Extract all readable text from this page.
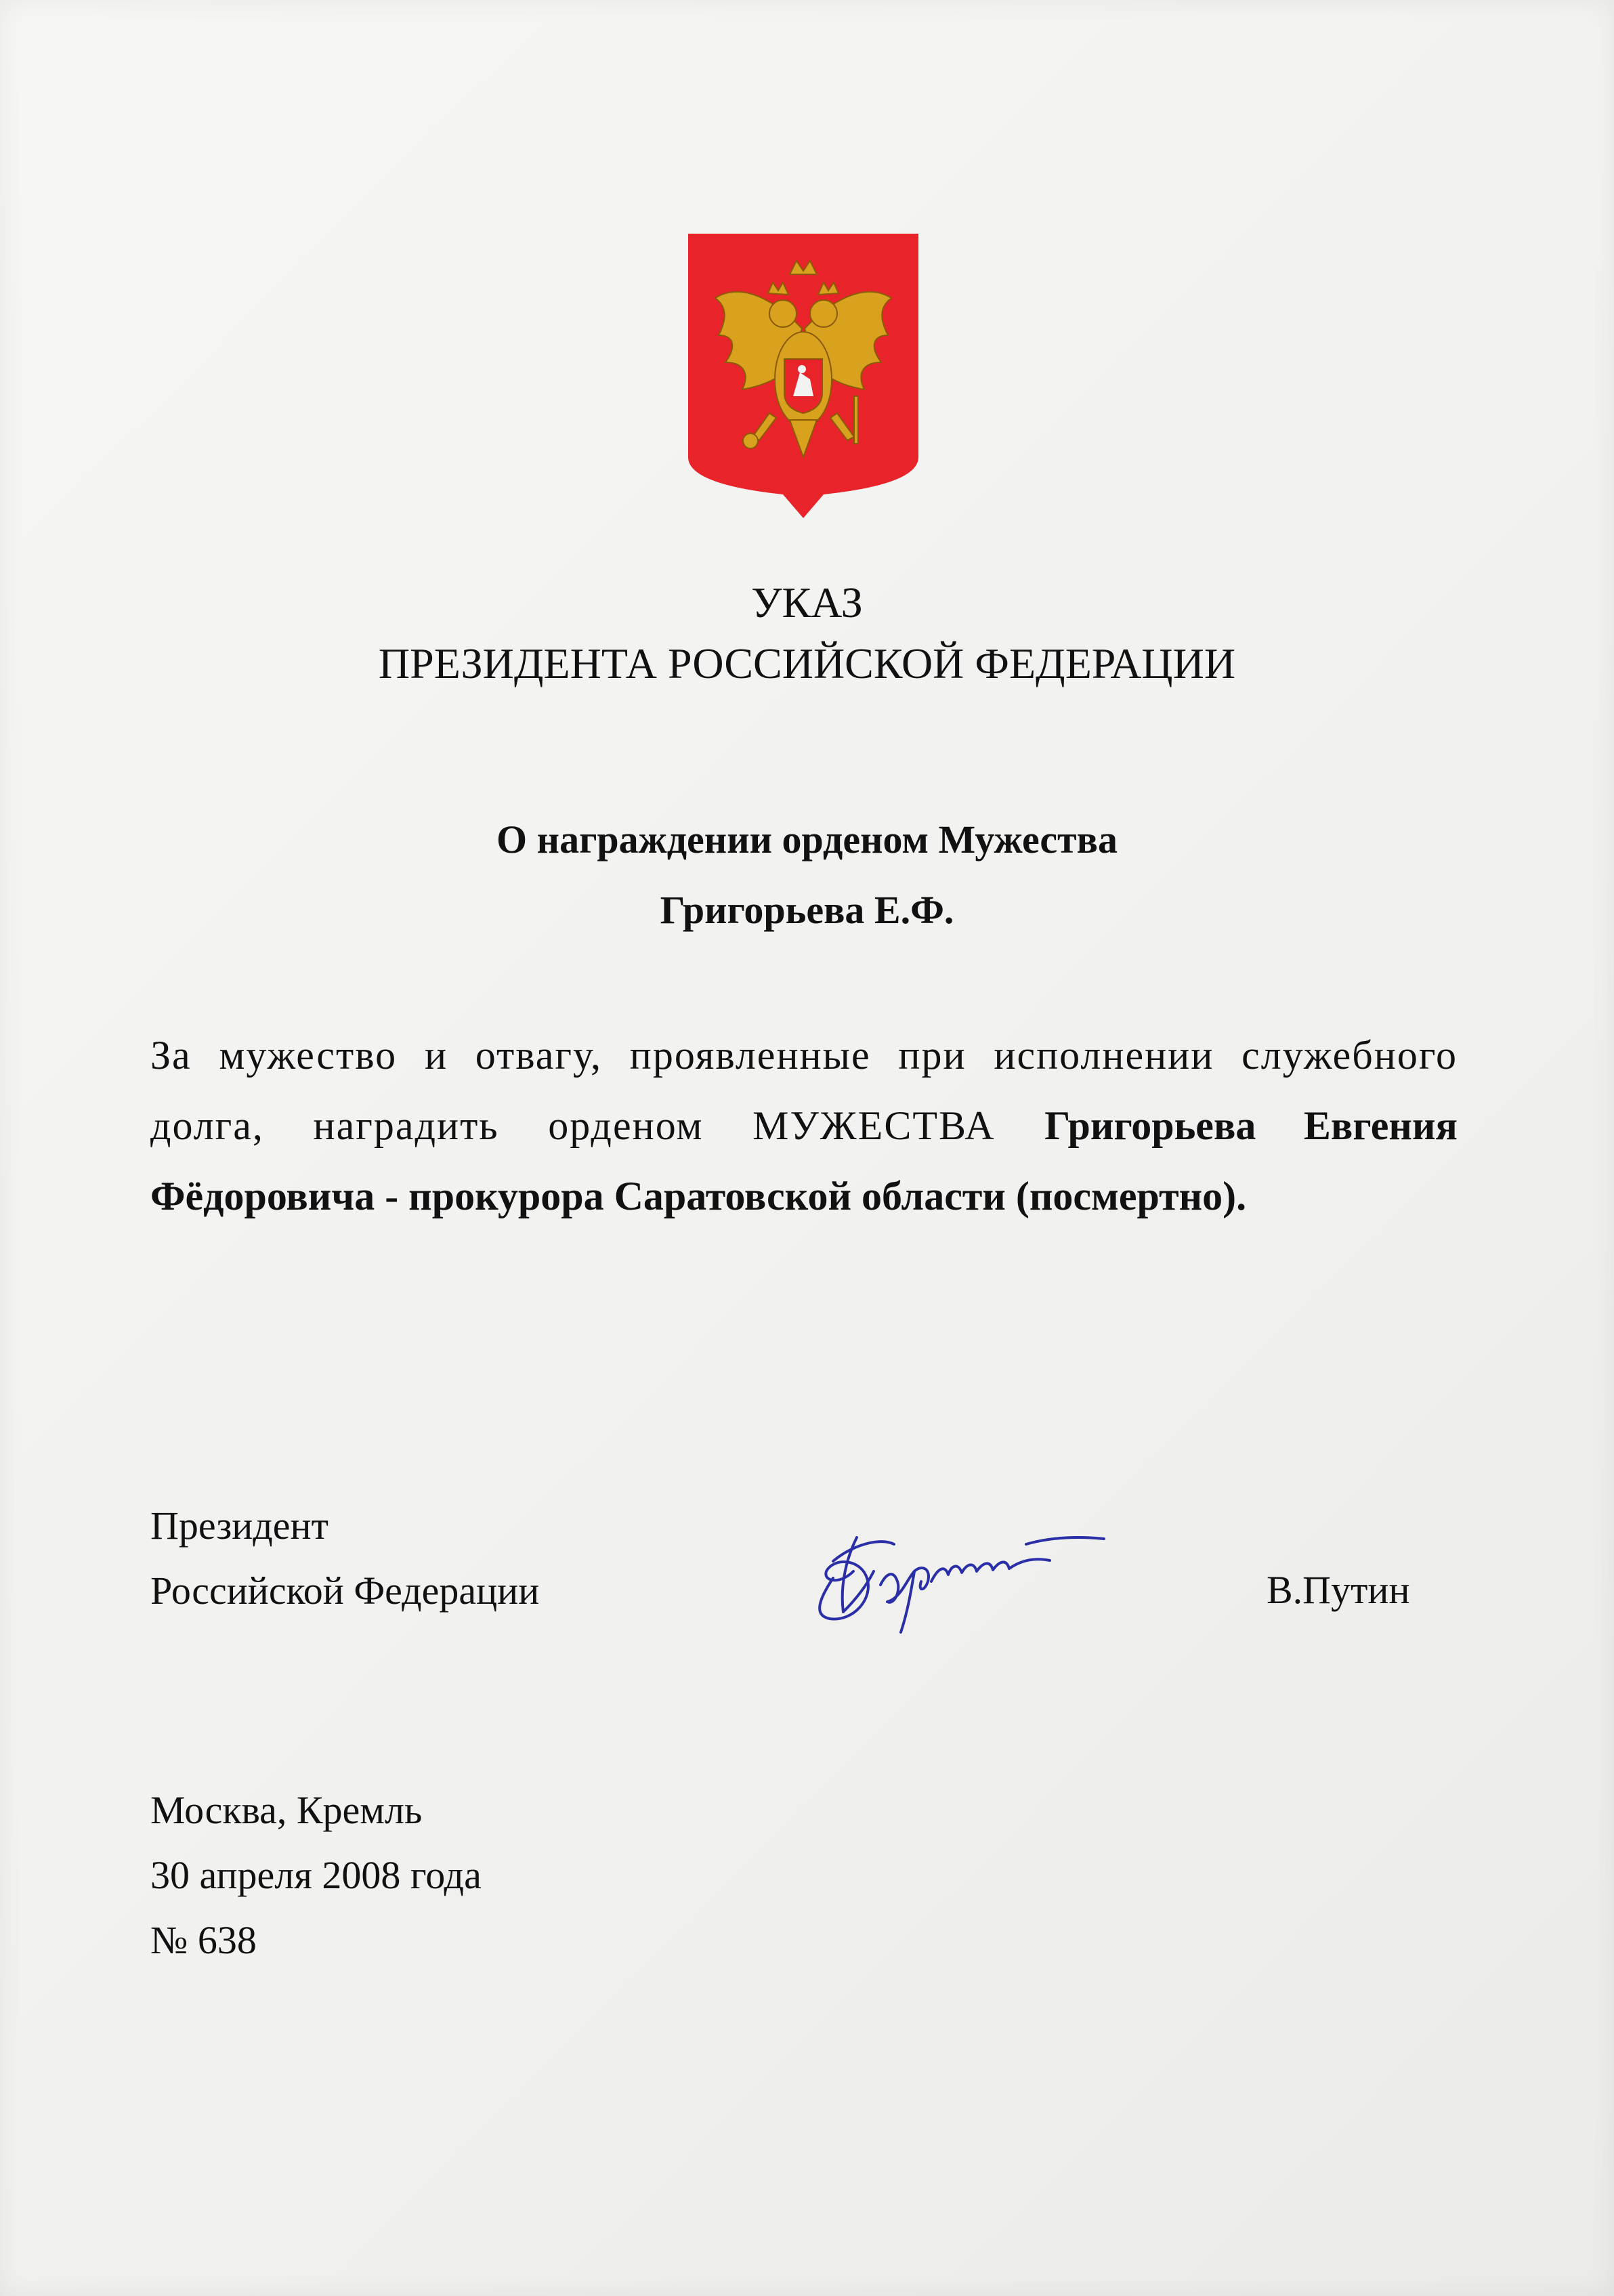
УКАЗ
ПРЕЗИДЕНТА РОССИЙСКОЙ ФЕДЕРАЦИИ
О награждении орденом Мужества
Григорьева Е.Ф.
За мужество и отвагу, проявленные при исполнении служебного долга, наградить орденом МУЖЕСТВА Григорьева Евгения Фёдоровича - прокурора Саратовской области (посмертно).
Президент
Российской Федерации	В.Путин
Москва, Кремль
30 апреля 2008 года
№ 638
